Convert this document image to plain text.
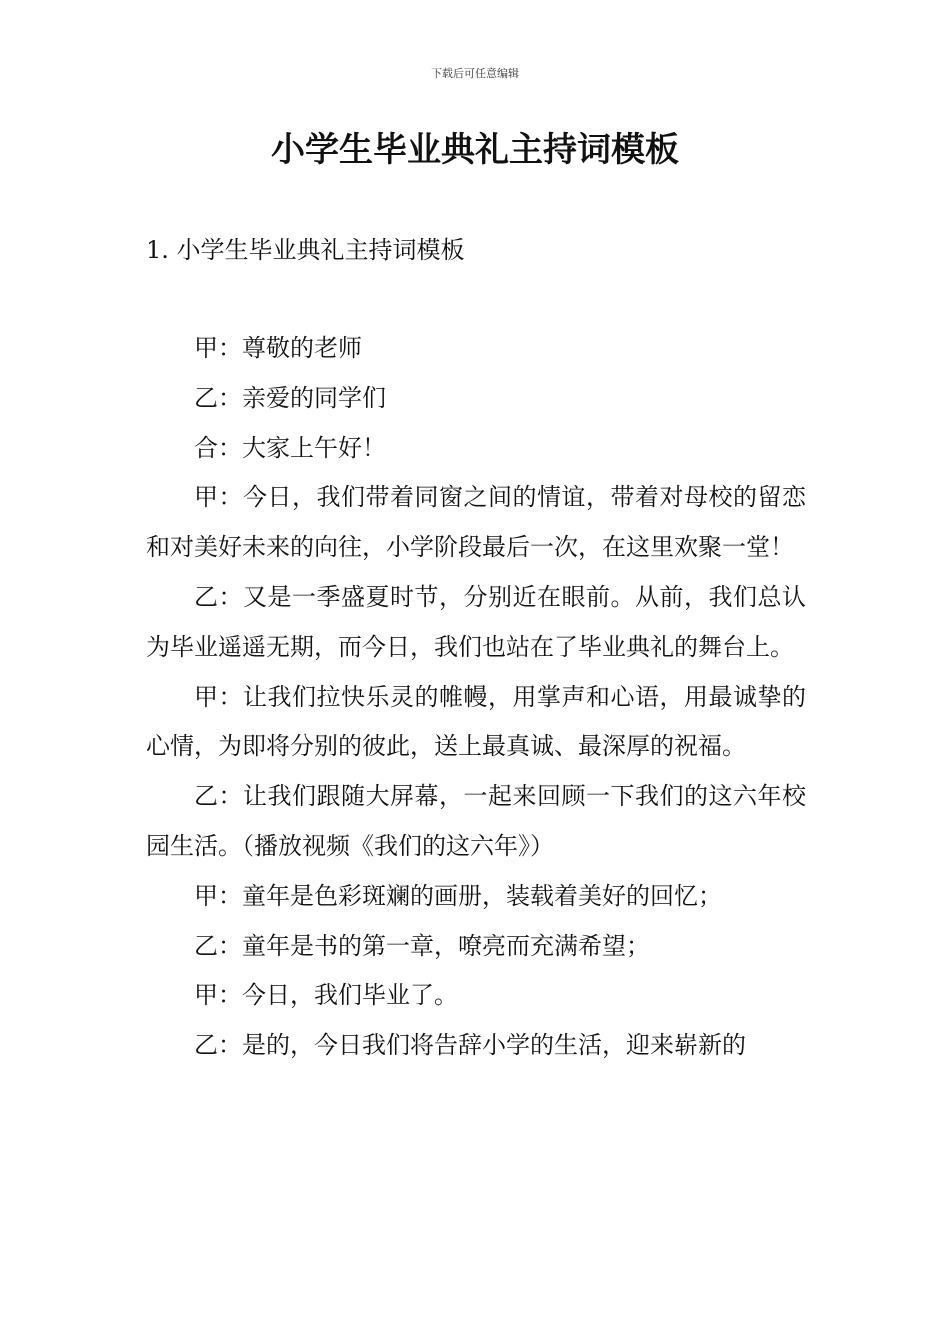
下载后可任意编辑
小学生毕业典礼主持词模板
1. 小学生毕业典礼主持词模板

甲：尊敬的老师

乙：亲爱的同学们

合：大家上午好！

甲：今日，我们带着同窗之间的情谊，带着对母校的留恋和对美好未来的向往，小学阶段最后一次，在这里欢聚一堂！

乙：又是一季盛夏时节，分别近在眼前。从前，我们总认为毕业遥遥无期，而今日，我们也站在了毕业典礼的舞台上。

甲：让我们拉快乐灵的帷幔，用掌声和心语，用最诚挚的心情，为即将分别的彼此，送上最真诚、最深厚的祝福。

乙：让我们跟随大屏幕，一起来回顾一下我们的这六年校园生活。（播放视频《我们的这六年》）

甲：童年是色彩斑斓的画册，装载着美好的回忆；

乙：童年是书的第一章，嘹亮而充满希望；

甲：今日，我们毕业了。

乙：是的，今日我们将告辞小学的生活，迎来崭新的
